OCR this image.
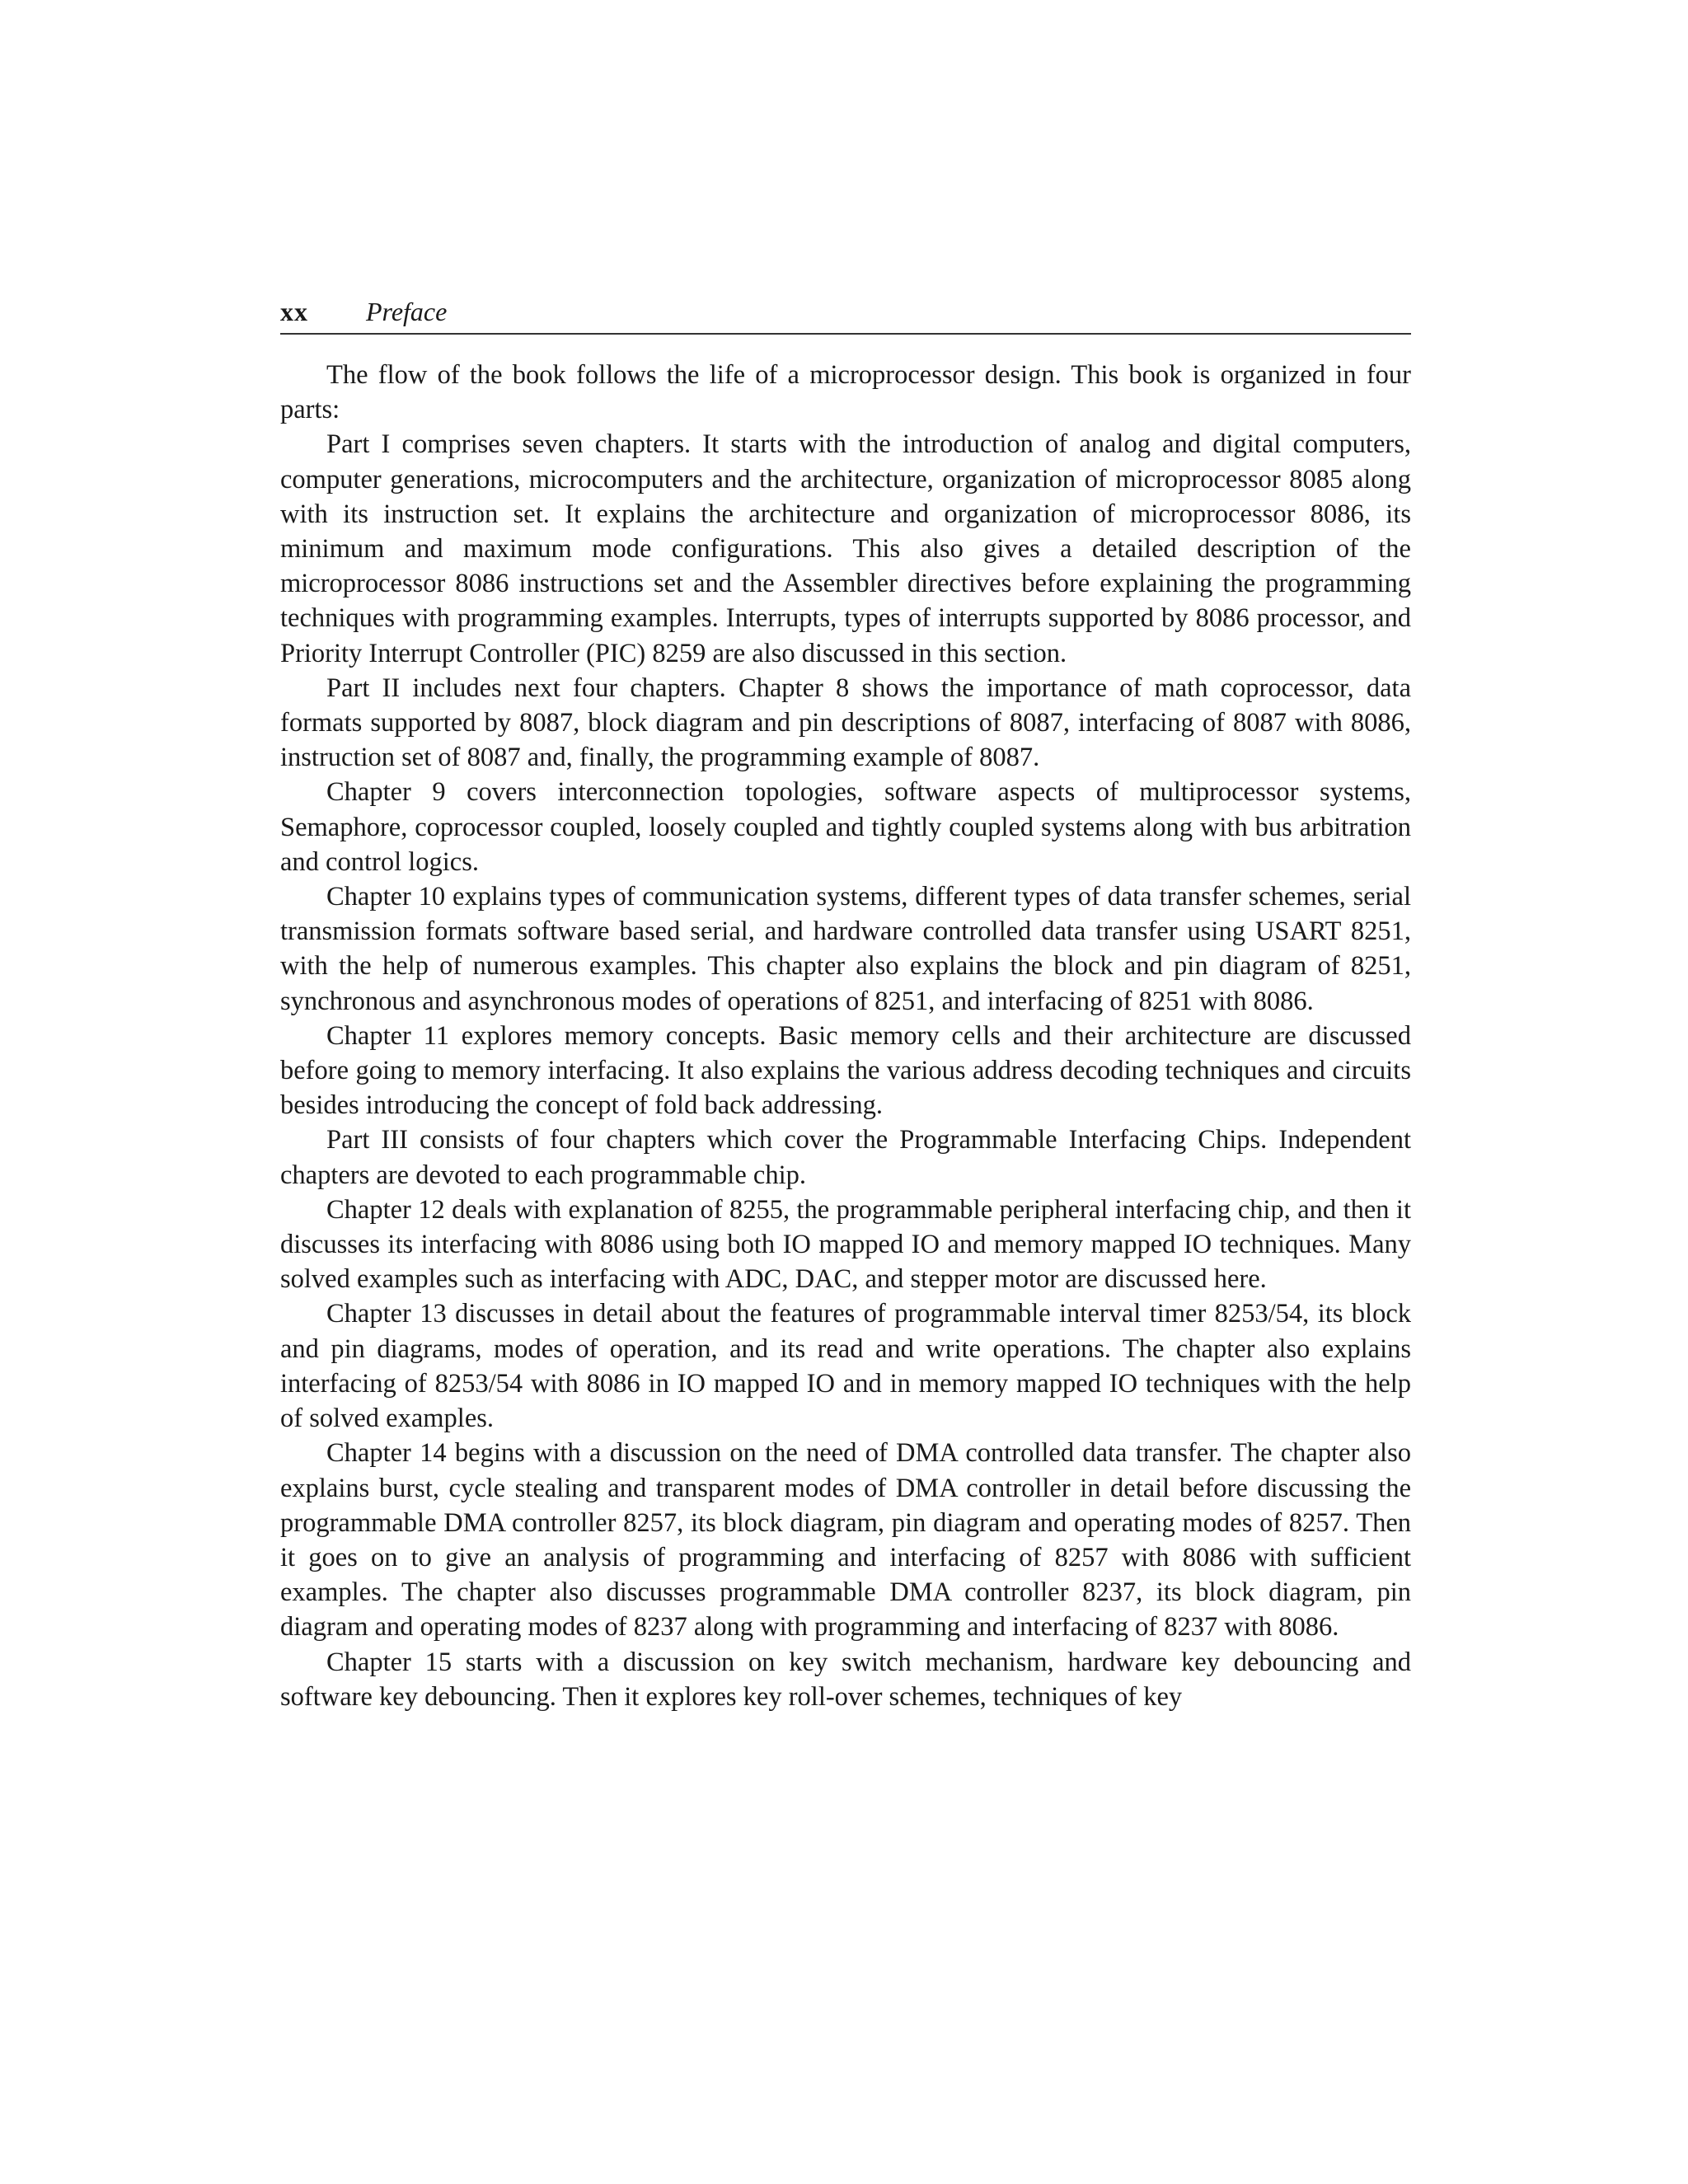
xx	Preface

The flow of the book follows the life of a microprocessor design. This book is organized in four parts:

Part I comprises seven chapters. It starts with the introduction of analog and digital computers, computer generations, microcomputers and the architecture, organization of microprocessor 8085 along with its instruction set. It explains the architecture and organization of microprocessor 8086, its minimum and maximum mode configurations. This also gives a detailed description of the microprocessor 8086 instructions set and the Assembler directives before explaining the programming techniques with programming examples. Interrupts, types of interrupts supported by 8086 processor, and Priority Interrupt Controller (PIC) 8259 are also discussed in this section.

Part II includes next four chapters. Chapter 8 shows the importance of math coprocessor, data formats supported by 8087, block diagram and pin descriptions of 8087, interfacing of 8087 with 8086, instruction set of 8087 and, finally, the programming example of 8087.

Chapter 9 covers interconnection topologies, software aspects of multiprocessor systems, Semaphore, coprocessor coupled, loosely coupled and tightly coupled systems along with bus arbitration and control logics.

Chapter 10 explains types of communication systems, different types of data transfer schemes, serial transmission formats software based serial, and hardware controlled data transfer using USART 8251, with the help of numerous examples. This chapter also explains the block and pin diagram of 8251, synchronous and asynchronous modes of operations of 8251, and interfacing of 8251 with 8086.

Chapter 11 explores memory concepts. Basic memory cells and their architecture are discussed before going to memory interfacing. It also explains the various address decoding techniques and circuits besides introducing the concept of fold back addressing.

Part III consists of four chapters which cover the Programmable Interfacing Chips. Independent chapters are devoted to each programmable chip.

Chapter 12 deals with explanation of 8255, the programmable peripheral interfacing chip, and then it discusses its interfacing with 8086 using both IO mapped IO and memory mapped IO techniques. Many solved examples such as interfacing with ADC, DAC, and stepper motor are discussed here.

Chapter 13 discusses in detail about the features of programmable interval timer 8253/54, its block and pin diagrams, modes of operation, and its read and write operations. The chapter also explains interfacing of 8253/54 with 8086 in IO mapped IO and in memory mapped IO techniques with the help of solved examples.

Chapter 14 begins with a discussion on the need of DMA controlled data transfer. The chapter also explains burst, cycle stealing and transparent modes of DMA controller in detail before discussing the programmable DMA controller 8257, its block diagram, pin diagram and operating modes of 8257. Then it goes on to give an analysis of programming and interfacing of 8257 with 8086 with sufficient examples. The chapter also discusses programmable DMA controller 8237, its block diagram, pin diagram and operating modes of 8237 along with programming and interfacing of 8237 with 8086.

Chapter 15 starts with a discussion on key switch mechanism, hardware key debouncing and software key debouncing. Then it explores key roll-over schemes, techniques of key
